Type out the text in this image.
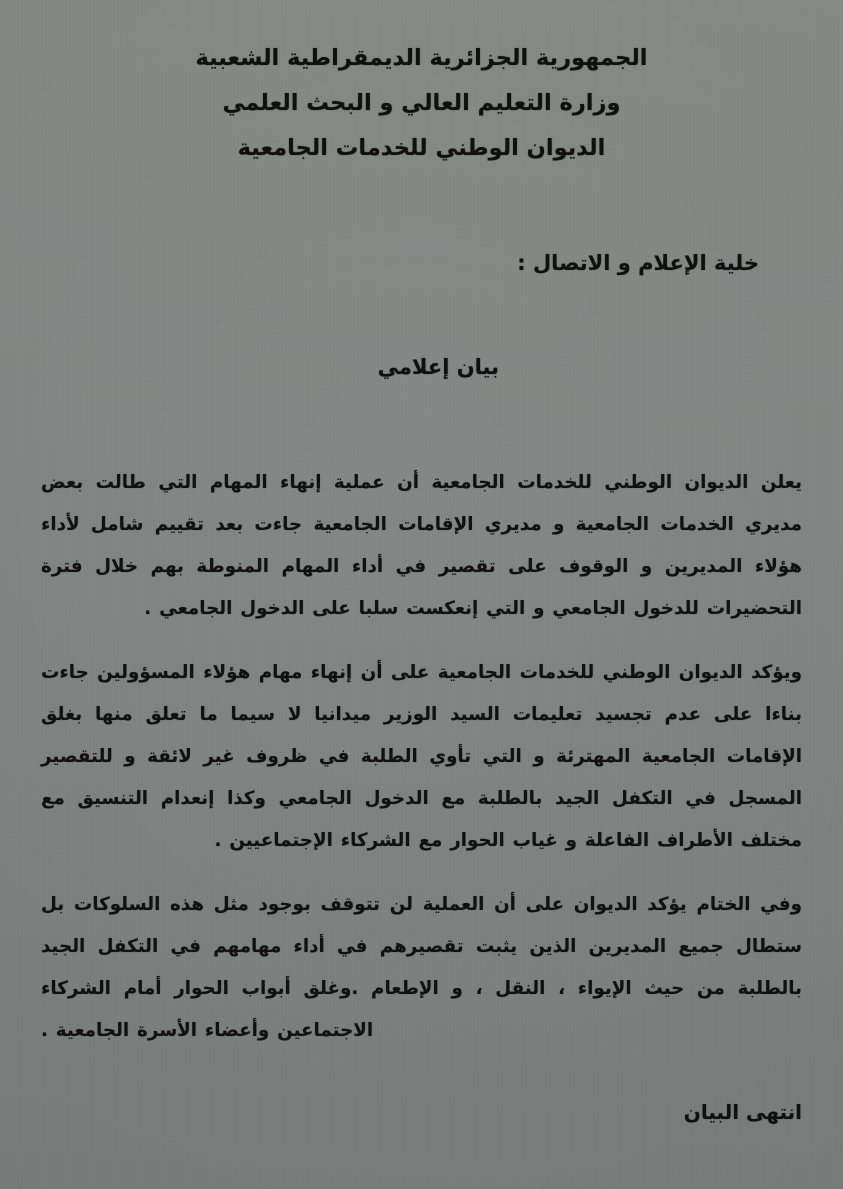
الجمهورية الجزائرية الديمقراطية الشعبية
وزارة التعليم العالي و البحث العلمي
الديوان الوطني للخدمات الجامعية
خلية الإعلام و الاتصال :
بيان إعلامي

يعلن الديوان الوطني للخدمات الجامعية أن عملية إنهاء المهام التي طالت بعض مديري الخدمات الجامعية و مديري الإقامات الجامعية جاءت بعد تقييم شامل لأداء هؤلاء المديرين و الوقوف على تقصير في أداء المهام المنوطة بهم خلال فترة التحضيرات للدخول الجامعي و التي إنعكست سلبا على الدخول الجامعي .

ويؤكد الديوان الوطني للخدمات الجامعية على أن إنهاء مهام هؤلاء المسؤولين جاءت بناءا على عدم تجسيد تعليمات السيد الوزير ميدانيا لا سيما ما تعلق منها بغلق الإقامات الجامعية المهترئة و التي تأوي الطلبة في ظروف غير لائقة و للتقصير المسجل في التكفل الجيد بالطلبة مع الدخول الجامعي وكذا إنعدام التنسيق مع مختلف الأطراف الفاعلة و غياب الحوار مع الشركاء الإجتماعيين .

وفي الختام يؤكد الديوان على أن العملية لن تتوقف بوجود مثل هذه السلوكات بل ستطال جميع المديرين الذين يثبت تقصيرهم في أداء مهامهم في التكفل الجيد بالطلبة من حيث الإيواء ، النقل ، و الإطعام .وغلق أبواب الحوار أمام الشركاء الاجتماعين وأعضاء الأسرة الجامعية .

انتهى البيان
